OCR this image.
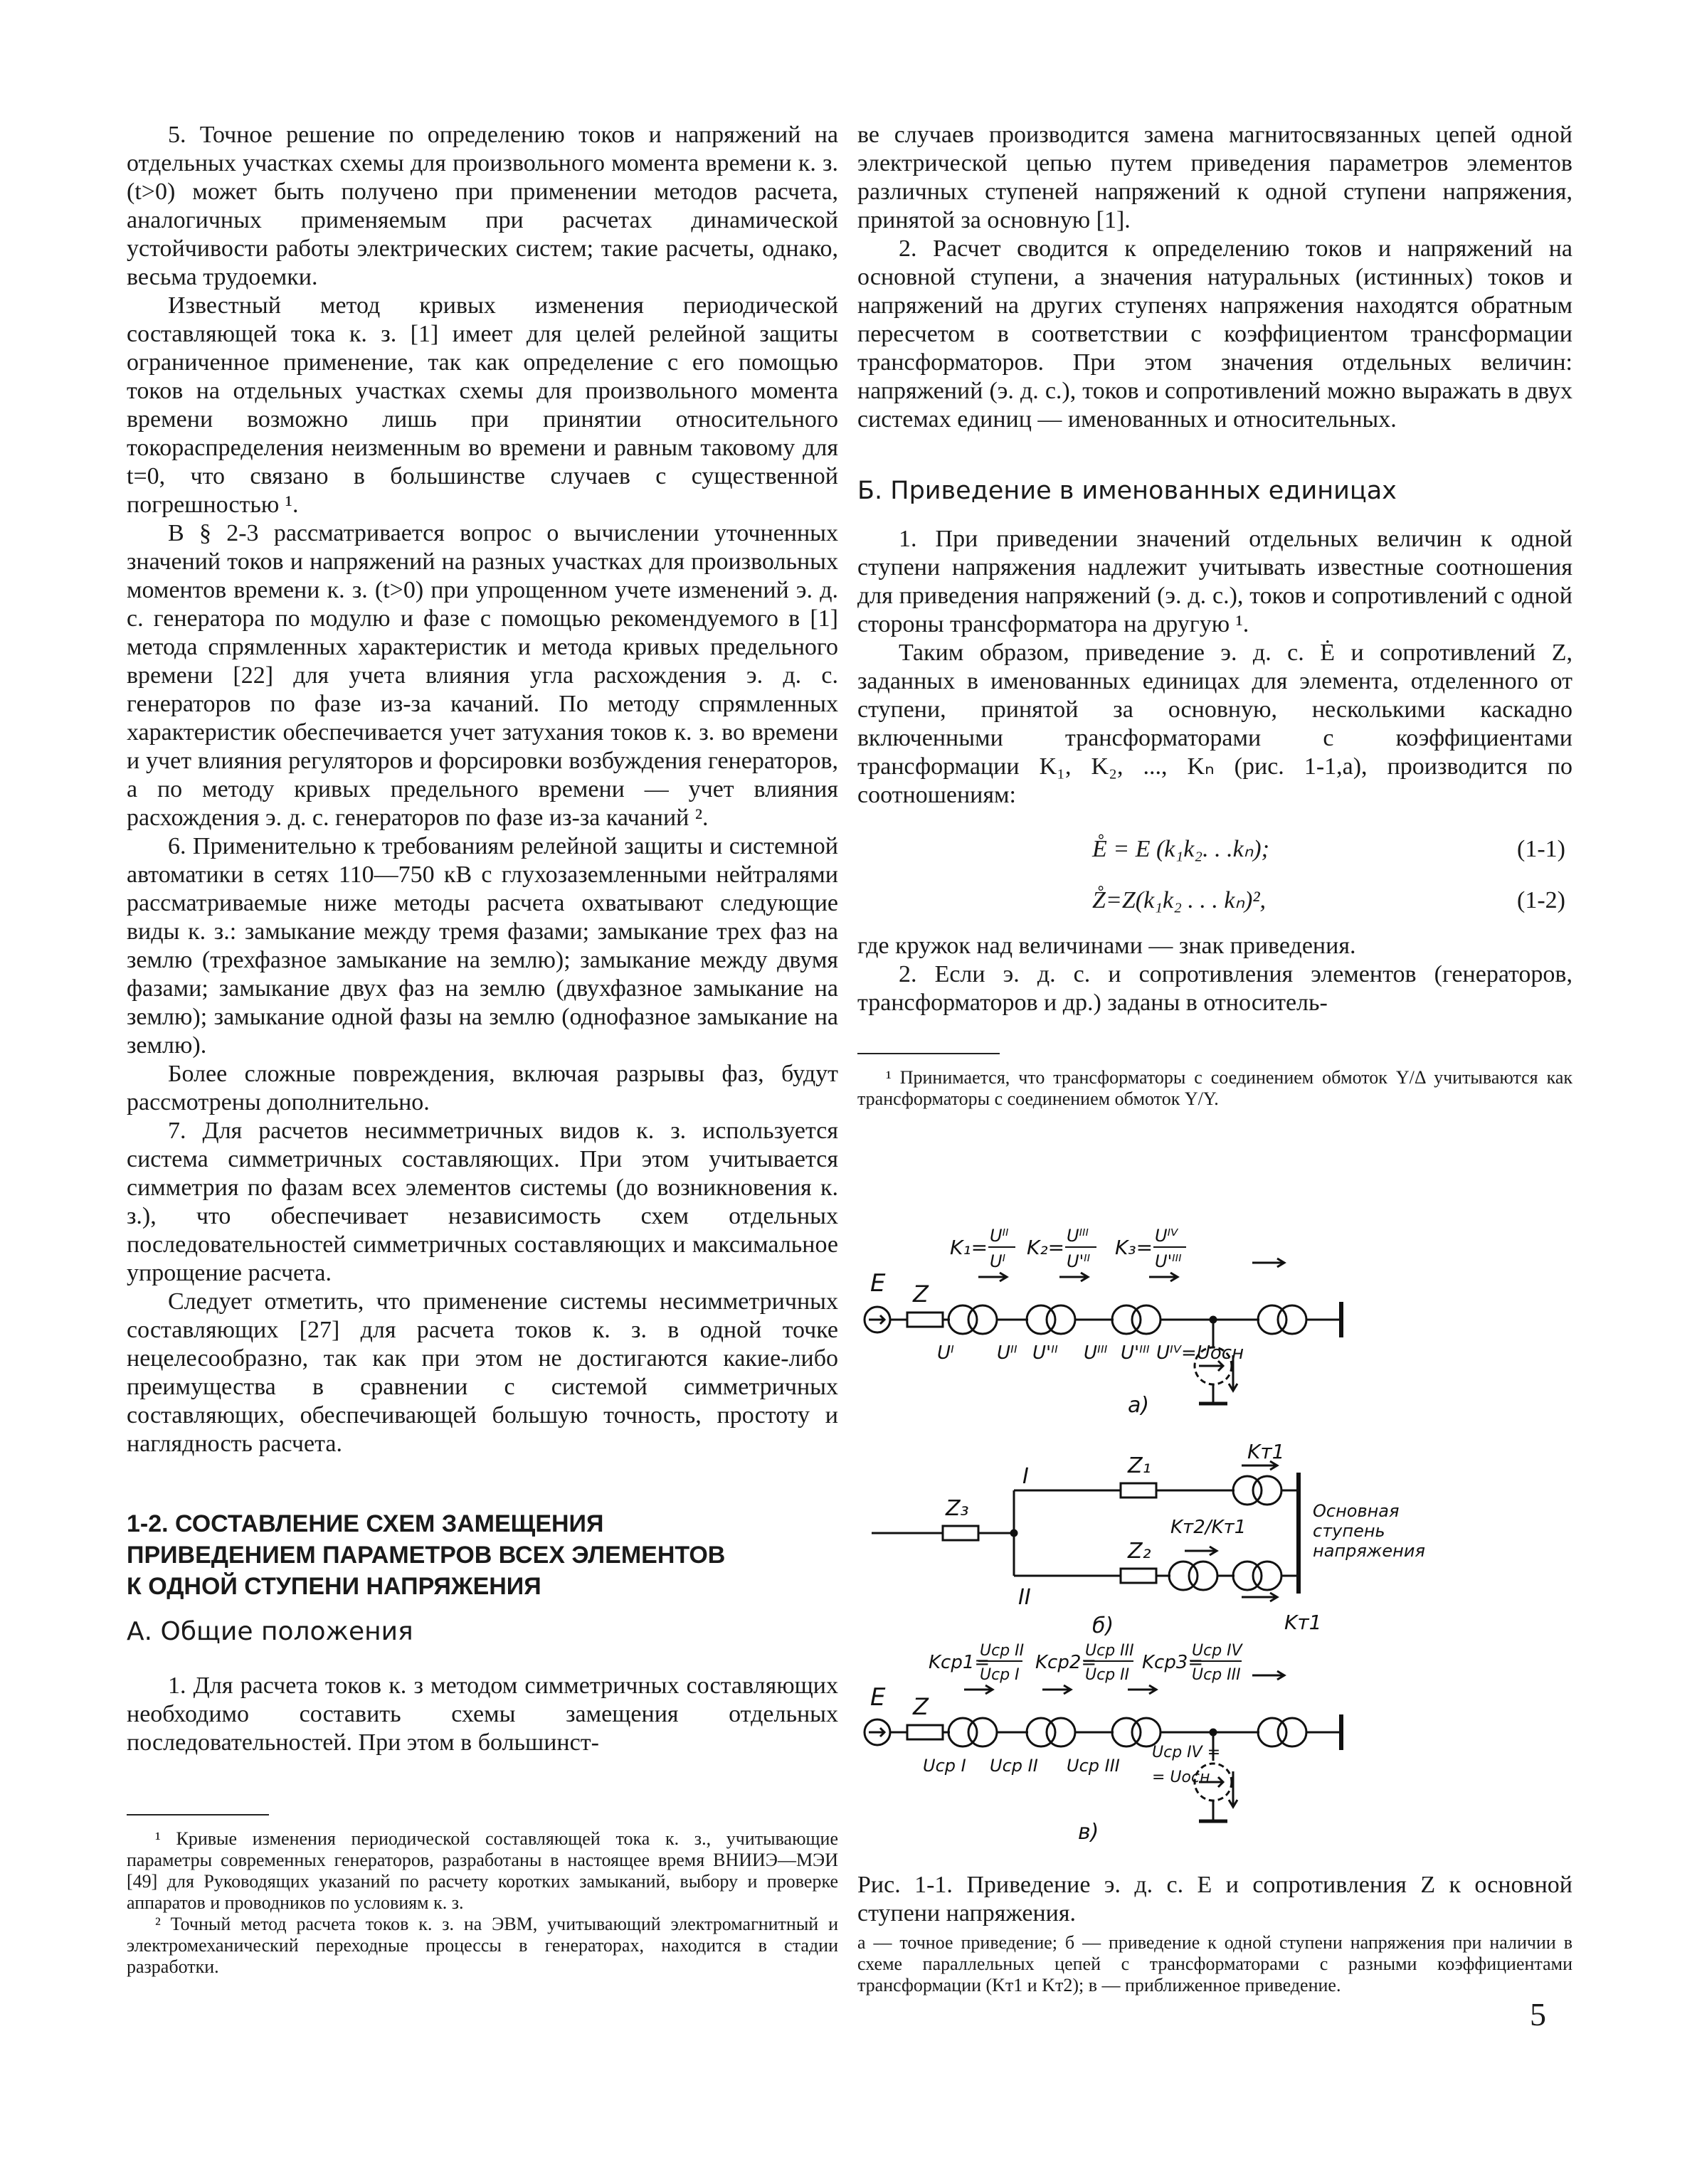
5. Точное решение по определению токов и напряжений на отдельных участках схемы для произвольного момента времени к. з. (t>0) может быть получено при применении методов расчета, аналогичных применяемым при расчетах динамической устойчивости работы электрических систем; такие расчеты, однако, весьма трудоемки.

Известный метод кривых изменения периодической составляющей тока к. з. [1] имеет для целей релейной защиты ограниченное применение, так как определение с его помощью токов на отдельных участках схемы для произвольного момента времени возможно лишь при принятии относительного токораспределения неизменным во времени и равным таковому для t=0, что связано в большинстве случаев с существенной погрешностью ¹.

В § 2-3 рассматривается вопрос о вычислении уточненных значений токов и напряжений на разных участках для произвольных моментов времени к. з. (t>0) при упрощенном учете изменений э. д. с. генератора по модулю и фазе с помощью рекомендуемого в [1] метода спрямленных характеристик и метода кривых предельного времени [22] для учета влияния угла расхождения э. д. с. генераторов по фазе из-за качаний. По методу спрямленных характеристик обеспечивается учет затухания токов к. з. во времени и учет влияния регуляторов и форсировки возбуждения генераторов, а по методу кривых предельного времени — учет влияния расхождения э. д. с. генераторов по фазе из-за качаний ².

6. Применительно к требованиям релейной защиты и системной автоматики в сетях 110—750 кВ с глухозаземленными нейтралями рассматриваемые ниже методы расчета охватывают следующие виды к. з.: замыкание между тремя фазами; замыкание трех фаз на землю (трехфазное замыкание на землю); замыкание между двумя фазами; замыкание двух фаз на землю (двухфазное замыкание на землю); замыкание одной фазы на землю (однофазное замыкание на землю).

Более сложные повреждения, включая разрывы фаз, будут рассмотрены дополнительно.

7. Для расчетов несимметричных видов к. з. используется система симметричных составляющих. При этом учитывается симметрия по фазам всех элементов системы (до возникновения к. з.), что обеспечивает независимость схем отдельных последовательностей симметричных составляющих и максимальное упрощение расчета.

Следует отметить, что применение системы несимметричных составляющих [27] для расчета токов к. з. в одной точке нецелесообразно, так как при этом не достигаются какие-либо преимущества в сравнении с системой симметричных составляющих, обеспечивающей большую точность, простоту и наглядность расчета.

1-2. СОСТАВЛЕНИЕ СХЕМ ЗАМЕЩЕНИЯ ПРИВЕДЕНИЕМ ПАРАМЕТРОВ ВСЕХ ЭЛЕМЕНТОВ К ОДНОЙ СТУПЕНИ НАПРЯЖЕНИЯ

А. Общие положения

1. Для расчета токов к. з методом симметричных составляющих необходимо составить схемы замещения отдельных последовательностей. При этом в большинст-

¹ Кривые изменения периодической составляющей тока к. з., учитывающие параметры современных генераторов, разработаны в настоящее время ВНИИЭ—МЭИ [49] для Руководящих указаний по расчету коротких замыканий, выбору и проверке аппаратов и проводников по условиям к. з.

² Точный метод расчета токов к. з. на ЭВМ, учитывающий электромагнитный и электромеханический переходные процессы в генераторах, находится в стадии разработки.

ве случаев производится замена магнитосвязанных цепей одной электрической цепью путем приведения параметров элементов различных ступеней напряжений к одной ступени напряжения, принятой за основную [1].

2. Расчет сводится к определению токов и напряжений на основной ступени, а значения натуральных (истинных) токов и напряжений на других ступенях напряжения находятся обратным пересчетом в соответствии с коэффициентом трансформации трансформаторов. При этом значения отдельных величин: напряжений (э. д. с.), токов и сопротивлений можно выражать в двух системах единиц — именованных и относительных.

Б. Приведение в именованных единицах

1. При приведении значений отдельных величин к одной ступени напряжения надлежит учитывать известные соотношения для приведения напряжений (э. д. с.), токов и сопротивлений с одной стороны трансформатора на другую ¹.

Таким образом, приведение э. д. с. Ė и сопротивлений Z, заданных в именованных единицах для элемента, отделенного от ступени, принятой за основную, несколькими каскадно включенными трансформаторами с коэффициентами трансформации K₁, K₂, ..., Kₙ (рис. 1-1,а), производится по соотношениям:

E̊ = E (k₁k₂. . .kₙ);	(1-1)
Z̊=Z(k₁k₂ . . . kₙ)²,	(1-2)

где кружок над величинами — знак приведения.

2. Если э. д. с. и сопротивления элементов (генераторов, трансформаторов и др.) заданы в относитель-

¹ Принимается, что трансформаторы с соединением обмоток Y/Δ учитываются как трансформаторы с соединением обмоток Y/Y.

E Z
K₁= Uᴵᴵ
Uᴵ
K₂= Uᴵᴵᴵ
U'ᴵᴵ
K₃= Uᴵⱽ
U'ᴵᴵᴵ
Uᴵ Uᴵᴵ U'ᴵᴵ Uᴵᴵᴵ U'ᴵᴵᴵ Uᴵⱽ=Uосн
а)
Z₃
I
II
Z₁
Kт1
Z₂
Kт2/Kт1
Kт1
Основная ступень напряжения
б)
E Z
Kср1=
Uср II
Uср I
Kср2=
Uср III
Uср II
Kср3=
Uср IV
Uср III
Uср I Uср II Uср III
Uср IV =
= Uосн
в)

Рис. 1-1. Приведение э. д. с. E и сопротивления Z к основной ступени напряжения.

а — точное приведение; б — приведение к одной ступени напряжения при наличии в схеме параллельных цепей с трансформаторами с разными коэффициентами трансформации (Kт1 и Kт2); в — приближенное приведение.

5
